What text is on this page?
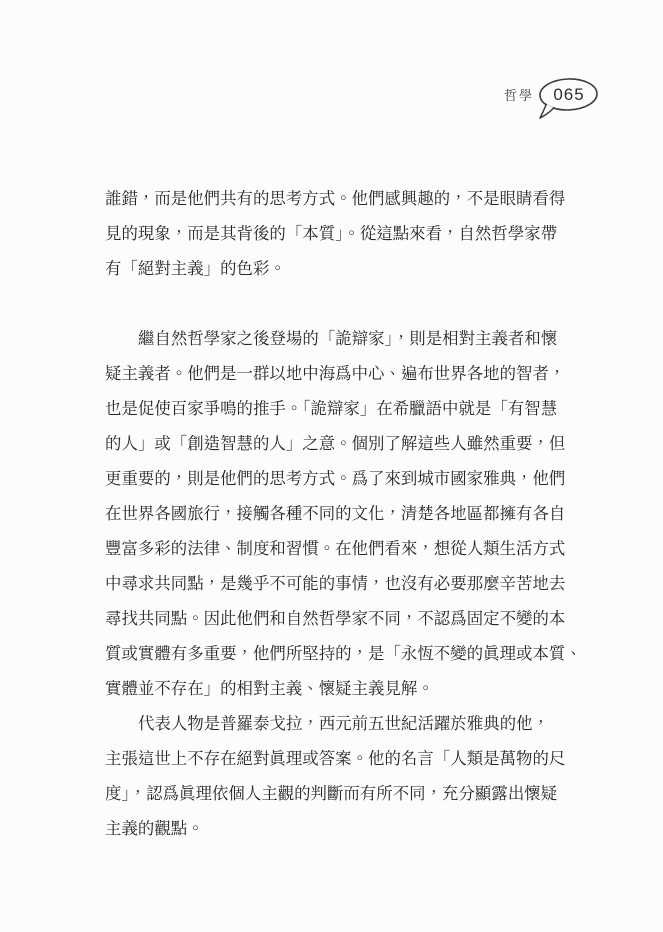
哲學	065
誰錯，而是他們共有的思考方式。他們感興趣的，不是眼睛看得
見的現象，而是其背後的「本質」。從這點來看，自然哲學家帶
有「絕對主義」的色彩。
繼自然哲學家之後登場的「詭辯家」，則是相對主義者和懷
疑主義者。他們是一群以地中海爲中心、遍布世界各地的智者，
也是促使百家爭鳴的推手。「詭辯家」在希臘語中就是「有智慧
的人」或「創造智慧的人」之意。個別了解這些人雖然重要，但
更重要的，則是他們的思考方式。爲了來到城市國家雅典，他們
在世界各國旅行，接觸各種不同的文化，清楚各地區都擁有各自
豐富多彩的法律、制度和習慣。在他們看來，想從人類生活方式
中尋求共同點，是幾乎不可能的事情，也沒有必要那麼辛苦地去
尋找共同點。因此他們和自然哲學家不同，不認爲固定不變的本
質或實體有多重要，他們所堅持的，是「永恆不變的眞理或本質、
實體並不存在」的相對主義、懷疑主義見解。
代表人物是普羅泰戈拉，西元前五世紀活躍於雅典的他，
主張這世上不存在絕對眞理或答案。他的名言「人類是萬物的尺
度」，認爲眞理依個人主觀的判斷而有所不同，充分顯露出懷疑
主義的觀點。
